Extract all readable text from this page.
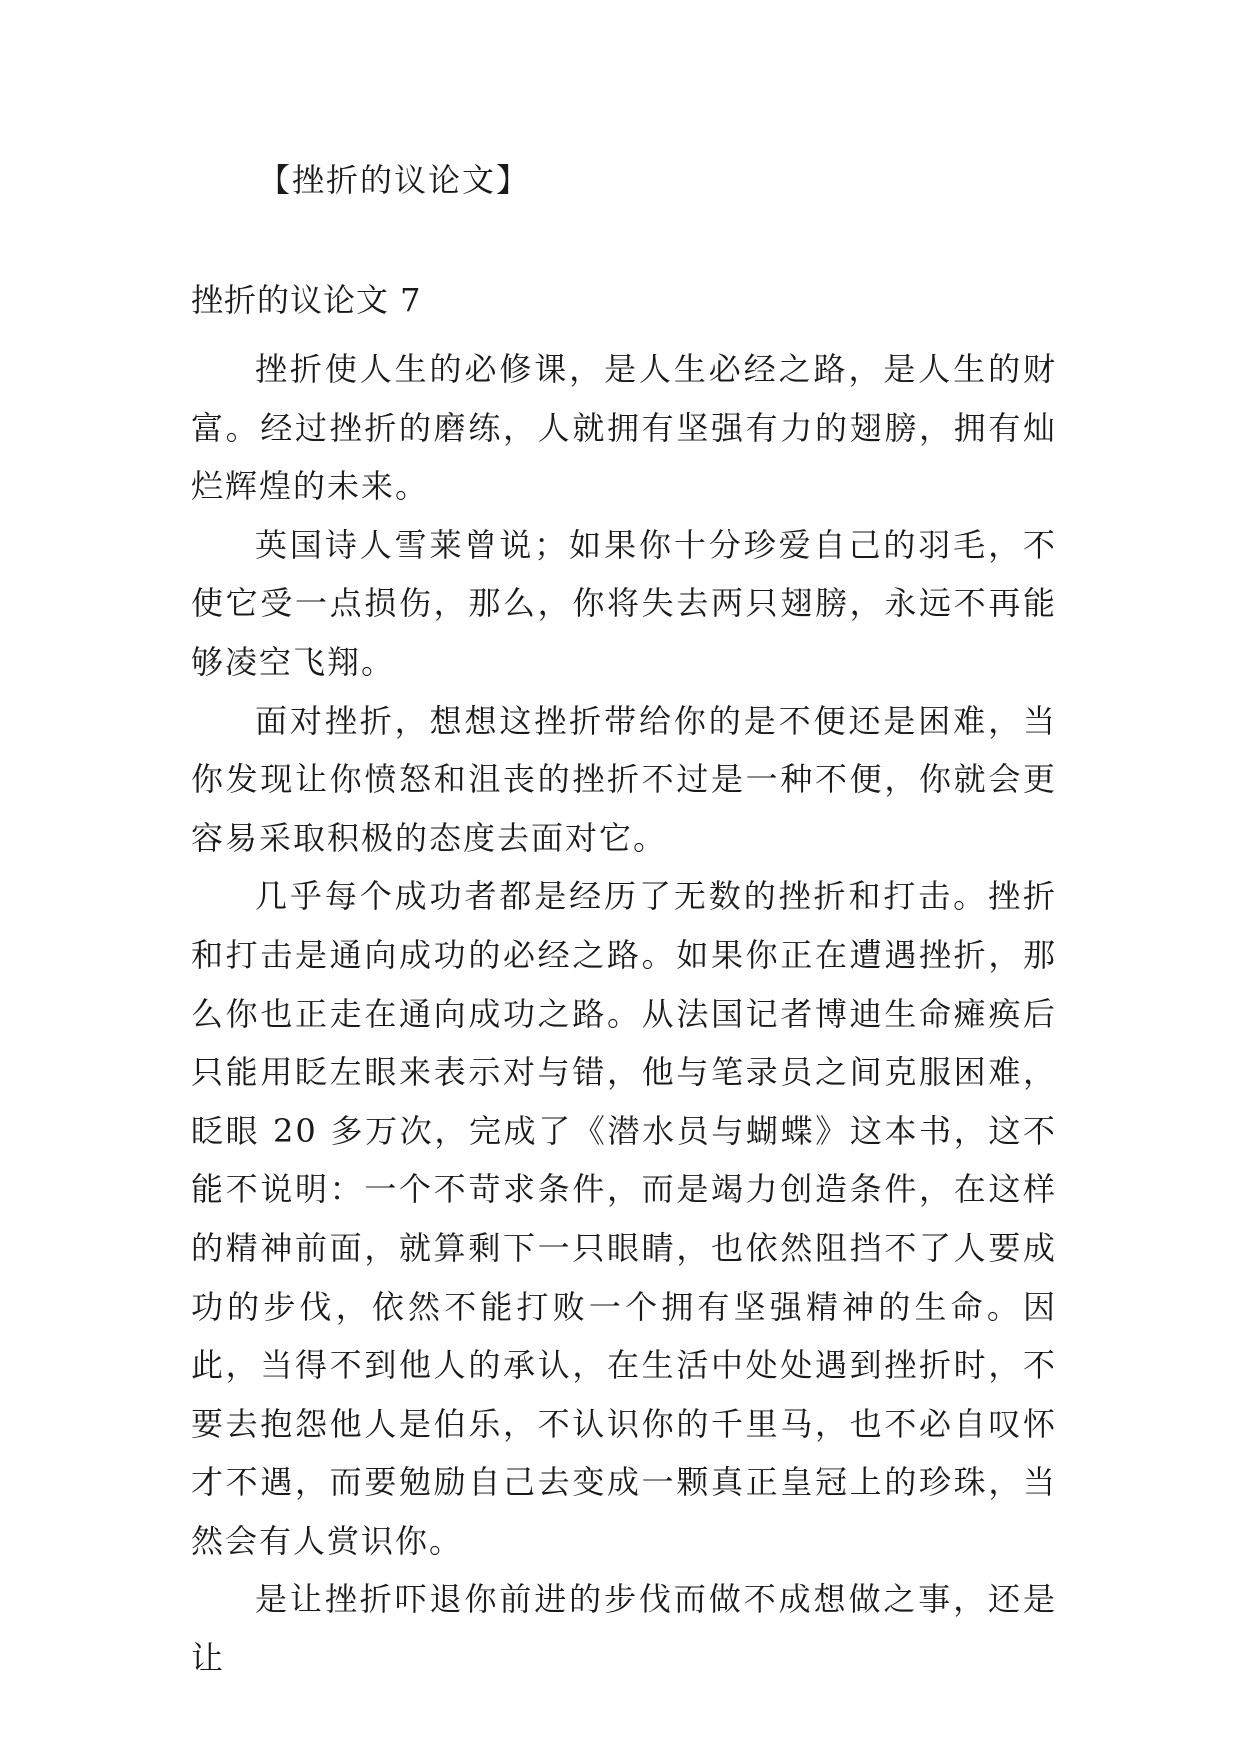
【挫折的议论文】
挫折的议论文 7

挫折使人生的必修课，是人生必经之路，是人生的财富。经过挫折的磨练，人就拥有坚强有力的翅膀，拥有灿烂辉煌的未来。

英国诗人雪莱曾说；如果你十分珍爱自己的羽毛，不使它受一点损伤，那么，你将失去两只翅膀，永远不再能够凌空飞翔。

面对挫折，想想这挫折带给你的是不便还是困难，当你发现让你愤怒和沮丧的挫折不过是一种不便，你就会更容易采取积极的态度去面对它。

几乎每个成功者都是经历了无数的挫折和打击。挫折和打击是通向成功的必经之路。如果你正在遭遇挫折，那么你也正走在通向成功之路。从法国记者博迪生命瘫痪后只能用眨左眼来表示对与错，他与笔录员之间克服困难，眨眼 20 多万次，完成了《潜水员与蝴蝶》这本书，这不能不说明：一个不苛求条件，而是竭力创造条件，在这样的精神前面，就算剩下一只眼睛，也依然阻挡不了人要成功的步伐，依然不能打败一个拥有坚强精神的生命。因此，当得不到他人的承认，在生活中处处遇到挫折时，不要去抱怨他人是伯乐，不认识你的千里马，也不必自叹怀才不遇，而要勉励自己去变成一颗真正皇冠上的珍珠，当然会有人赏识你。

是让挫折吓退你前进的步伐而做不成想做之事，还是让
